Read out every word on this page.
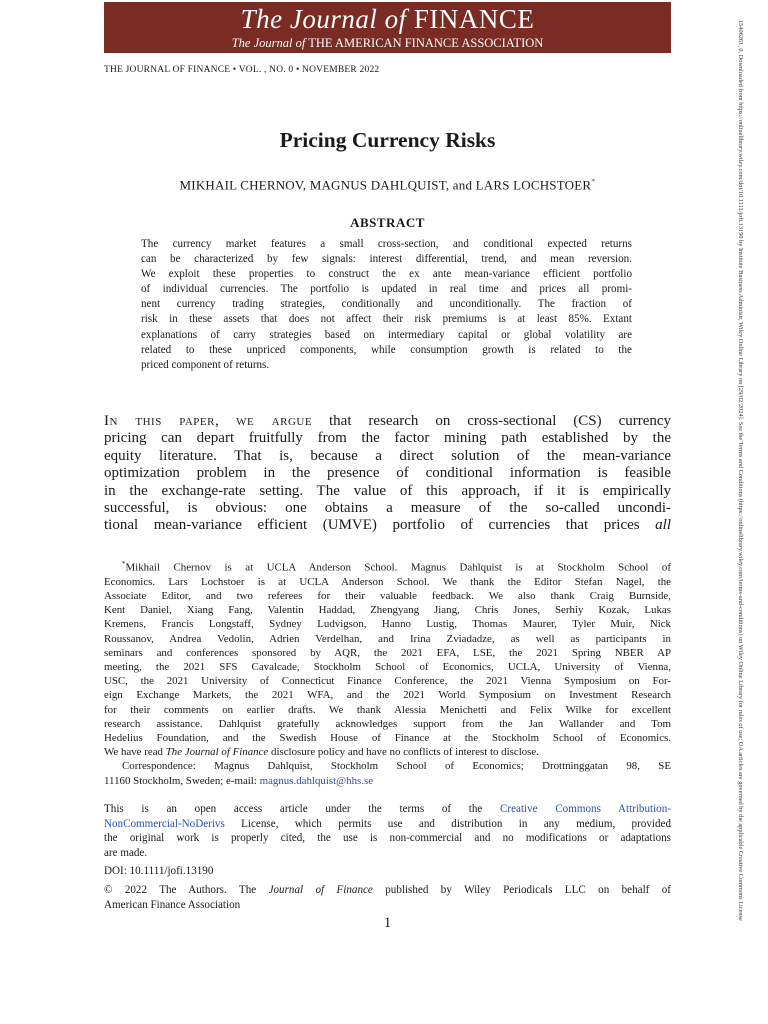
The Journal of FINANCE
The Journal of THE AMERICAN FINANCE ASSOCIATION
THE JOURNAL OF FINANCE • VOL. , NO. 0 • NOVEMBER 2022
Pricing Currency Risks
MIKHAIL CHERNOV, MAGNUS DAHLQUIST, and LARS LOCHSTOER*
ABSTRACT
The currency market features a small cross-section, and conditional expected returns
can be characterized by few signals: interest differential, trend, and mean reversion.
We exploit these properties to construct the ex ante mean-variance efficient portfolio
of individual currencies. The portfolio is updated in real time and prices all promi-
nent currency trading strategies, conditionally and unconditionally. The fraction of
risk in these assets that does not affect their risk premiums is at least 85%. Extant
explanations of carry strategies based on intermediary capital or global volatility are
related to these unpriced components, while consumption growth is related to the
priced component of returns.
In this paper, we argue that research on cross-sectional (CS) currency
pricing can depart fruitfully from the factor mining path established by the
equity literature. That is, because a direct solution of the mean-variance
optimization problem in the presence of conditional information is feasible
in the exchange-rate setting. The value of this approach, if it is empirically
successful, is obvious: one obtains a measure of the so-called uncondi-
tional mean-variance efficient (UMVE) portfolio of currencies that prices all
*Mikhail Chernov is at UCLA Anderson School. Magnus Dahlquist is at Stockholm School of
Economics. Lars Lochstoer is at UCLA Anderson School. We thank the Editor Stefan Nagel, the
Associate Editor, and two referees for their valuable feedback. We also thank Craig Burnside,
Kent Daniel, Xiang Fang, Valentin Haddad, Zhengyang Jiang, Chris Jones, Serhiy Kozak, Lukas
Kremens, Francis Longstaff, Sydney Ludvigson, Hanno Lustig, Thomas Maurer, Tyler Muir, Nick
Roussanov, Andrea Vedolin, Adrien Verdelhan, and Irina Zviadadze, as well as participants in
seminars and conferences sponsored by AQR, the 2021 EFA, LSE, the 2021 Spring NBER AP
meeting, the 2021 SFS Cavalcade, Stockholm School of Economics, UCLA, University of Vienna,
USC, the 2021 University of Connecticut Finance Conference, the 2021 Vienna Symposium on For-
eign Exchange Markets, the 2021 WFA, and the 2021 World Symposium on Investment Research
for their comments on earlier drafts. We thank Alessia Menichetti and Felix Wilke for excellent
research assistance. Dahlquist gratefully acknowledges support from the Jan Wallander and Tom
Hedelius Foundation, and the Swedish House of Finance at the Stockholm School of Economics.
We have read The Journal of Finance disclosure policy and have no conflicts of interest to disclose.
Correspondence: Magnus Dahlquist, Stockholm School of Economics; Drottninggatan 98, SE
11160 Stockholm, Sweden; e-mail: magnus.dahlquist@hhs.se
This is an open access article under the terms of the Creative Commons Attribution-
NonCommercial-NoDerivs License, which permits use and distribution in any medium, provided
the original work is properly cited, the use is non-commercial and no modifications or adaptations
are made.
DOI: 10.1111/jofi.13190
© 2022 The Authors. The Journal of Finance published by Wiley Periodicals LLC on behalf of
American Finance Association
1
15406261, 0, Downloaded from https://onlinelibrary.wiley.com/doi/10.1111/jofi.13190 by Institute Business Administr, Wiley Online Library on [29/02/2024]. See the Terms and Conditions (https://onlinelibrary.wiley.com/terms-and-conditions) on Wiley Online Library for rules of use; OA articles are governed by the applicable Creative Commons License
